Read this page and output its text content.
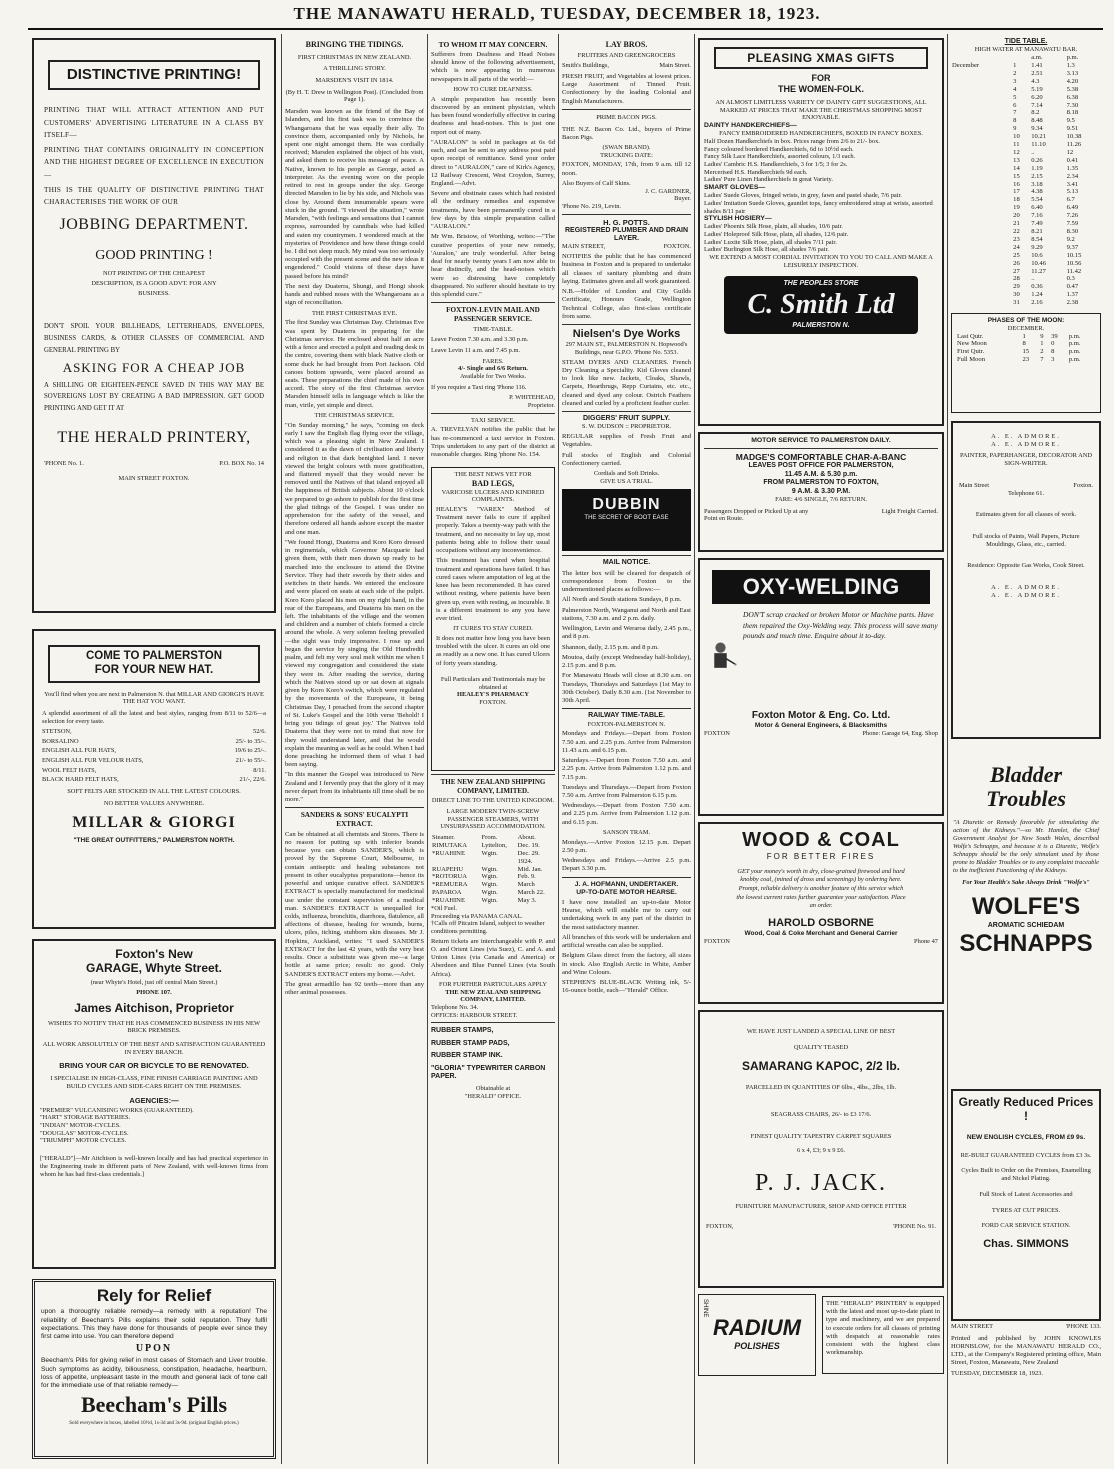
THE MANAWATU HERALD, TUESDAY, DECEMBER 18, 1923.
DISTINCTIVE PRINTING!
PRINTING THAT WILL ATTRACT ATTENTION AND PUT CUSTOMERS' ADVERTISING LITERATURE IN A CLASS BY ITSELF—
PRINTING THAT CONTAINS ORIGINALITY IN CONCEPTION AND THE HIGHEST DEGREE OF EXCELLENCE IN EXECUTION—
THIS IS THE QUALITY OF DISTINCTIVE PRINTING THAT CHARACTERISES THE WORK OF OUR
JOBBING DEPARTMENT.
GOOD PRINTING !
NOT PRINTING OF THE CHEAPEST DESCRIPTION, IS A GOOD ADVT. FOR ANY BUSINESS.
DON'T SPOIL YOUR BILLHEADS, LETTERHEADS, ENVELOPES, BUSINESS CARDS, & OTHER CLASSES OF COMMERCIAL AND GENERAL PRINTING BY
ASKING FOR A CHEAP JOB
A SHILLING OR EIGHTEEN-PENCE SAVED IN THIS WAY MAY BE SOVEREIGNS LOST BY CREATING A BAD IMPRESSION. GET GOOD PRINTING AND GET IT AT
THE HERALD PRINTERY,
'PHONE No. 1.	P.O. BOX No. 14
MAIN STREET FOXTON.
COME TO PALMERSTON
FOR YOUR NEW HAT.
You'll find when you are next in Palmerston N. that MILLAR AND GIORGI'S HAVE THE HAT YOU WANT.
A splendid assortment of all the latest and best styles, ranging from 8/11 to 52/6—a selection for every taste.
STETSON,	52/6.
BORSALINO	25/- to 35/-.
ENGLISH ALL FUR HATS,	19/6 to 25/-.
ENGLISH ALL FUR VELOUR HATS,	21/- to 55/-.
WOOL FELT HATS,	8/11.
BLACK HARD FELT HATS,	21/-, 22/6.
SOFT FELTS ARE STOCKED IN ALL THE LATEST COLOURS.
NO BETTER VALUES ANYWHERE.
MILLAR & GIORGI
"THE GREAT OUTFITTERS," PALMERSTON NORTH.
Foxton's New
GARAGE, Whyte Street.
(near Whyte's Hotel, just off central Main Street.)
PHONE 107.
James Aitchison, Proprietor
WISHES TO NOTIFY THAT HE HAS COMMENCED BUSINESS IN HIS NEW BRICK PREMISES.
ALL WORK ABSOLUTELY OF THE BEST AND SATISFACTION GUARANTEED IN EVERY BRANCH.
BRING YOUR CAR OR BICYCLE TO BE RENOVATED.
I SPECIALISE IN HIGH-CLASS, FINE FINISH CARRIAGE PAINTING AND BUILD CYCLES AND SIDE-CARS RIGHT ON THE PREMISES.
AGENCIES:—
"PREMIER" VULCANISING WORKS (GUARANTEED).
"HART" STORAGE BATTERIES.
"INDIAN" MOTOR-CYCLES.
"DOUGLAS" MOTOR-CYCLES.
"TRIUMPH" MOTOR CYCLES.
["HERALD"]—Mr Aitchison is well-known locally and has had practical experience in the Engineering trade in different parts of New Zealand, with well-known firms from whom he has had first-class credentials.]
Rely for Relief
upon a thoroughly reliable remedy—a remedy with a reputation! The reliability of Beecham's Pills explains their solid reputation. They fulfil expectations. This they have done for thousands of people ever since they first came into use. You can therefore depend
UPON
Beecham's Pills for giving relief in most cases of Stomach and Liver trouble. Such symptoms as acidity, biliousness, constipation, headache, heartburn, loss of appetite, unpleasant taste in the mouth and general lack of tone call for the immediate use of that reliable remedy—
Beecham's Pills
Sold everywhere in boxes, labelled 10½d, 1s-3d and 3s-9d. (original English prices.)
BRINGING THE TIDINGS.
FIRST CHRISTMAS IN NEW ZEALAND.
A THRILLING STORY.
MARSDEN'S VISIT IN 1814.
(By H. T. Drew in Wellington Post). (Concluded from Page 1).
Marsden was known as the friend of the Bay of Islanders, and his first task was to convince the Whangaroans that he was equally their ally. To convince them, accompanied only by Nichols, he spent one night amongst them. He was cordially received; Marsden explained the object of his visit, and asked them to receive his message of peace. A Native, known to his people as George, acted as interpreter. As the evening wore on the people retired to rest in groups under the sky. George directed Marsden to lie by his side, and Nichols was close by. Around them innumerable spears were stuck in the ground. "I viewed the situation," wrote Marsden, "with feelings and sensations that I cannot express, surrounded by cannibals who had killed and eaten my countrymen. I wondered much at the mysteries of Providence and how these things could be. I did not sleep much. My mind was too seriously occupied with the present scene and the new ideas it engendered." Could visions of these days have passed before his mind?
The next day Duaterra, Shungi, and Hongi shook hands and rubbed noses with the Whangaroans as a sign of reconciliation.
THE FIRST CHRISTMAS EVE.
The first Sunday was Christmas Day. Christmas Eve was spent by Duaterra in preparing for the Christmas service. He enclosed about half an acre with a fence and erected a pulpit and reading desk in the centre, covering them with black Native cloth or some duck he had brought from Port Jackson. Old canoes bottom upwards, were placed around as seats. These preparations the chief made of his own accord. The story of the first Christmas service Marsden himself tells in language which is like the man, virile, yet simple and direct.
THE CHRISTMAS SERVICE.
"On Sunday morning," he says, "coming on deck early I saw the English flag flying over the village, which was a pleasing sight in New Zealand. I considered it as the dawn of civilisation and liberty and religion in that dark benighted land. I never viewed the bright colours with more gratification, and flattered myself that they would never be removed until the Natives of that island enjoyed all the happiness of British subjects. About 10 o'clock we prepared to go ashore to publish for the first time the glad tidings of the Gospel. I was under no apprehension for the safety of the vessel, and therefore ordered all hands ashore except the master and one man.
"We found Hongi, Duaterra and Koro Koro dressed in regimentals, which Governor Macquarie had given them, with their men drawn up ready to be marched into the enclosure to attend the Divine Service. They had their swords by their sides and switches in their hands. We entered the enclosure and were placed on seats at each side of the pulpit. Koro Koro placed his men on my right hand, in the rear of the Europeans, and Duaterra his men on the left. The inhabitants of the village and the women and children and a number of chiefs formed a circle around the whole. A very solemn feeling prevailed—the sight was truly impressive. I rose up and began the service by singing the Old Hundredth psalm, and felt my very soul melt within me when I viewed my congregation and considered the state they were in. After reading the service, during which the Natives stood up or sat down at signals given by Koro Koro's switch, which were regulated by the movements of the Europeans, it being Christmas Day, I preached from the second chapter of St. Luke's Gospel and the 10th verse 'Behold! I bring you tidings of great joy.' The Natives told Duaterra that they were not to mind that now for they would understand later, and that he would explain the meaning as well as he could. When I had done preaching he informed them of what I had been saying.
"In this manner the Gospel was introduced to New Zealand and I fervently pray that the glory of it may never depart from its inhabitants till time shall be no more."
SANDERS & SONS' EUCALYPTI EXTRACT.
Can be obtained at all chemists and Stores. There is no reason for putting up with inferior brands because you can obtain SANDER'S, which is proved by the Supreme Court, Melbourne, to contain antiseptic and healing substances not present in other eucalyptus preparations—hence its powerful and unique curative effect. SANDER'S EXTRACT is specially manufactured for medicinal use under the constant supervision of a medical man. SANDER'S EXTRACT is unequalled for colds, influenza, bronchitis, diarrhoea, flatulence, all affections of disease, healing for wounds, burns, ulcers, piles, itching, stubborn skin diseases. Mr J. Hopkins, Auckland, writes: "I used SANDER'S EXTRACT for the last 42 years, with the very best results. Once a substitute was given me—a large bottle at same price; result: no good. Only SANDER'S EXTRACT enters my home.—Advt.
The great armadillo has 92 teeth—more than any other animal possesses.
TO WHOM IT MAY CONCERN.
Sufferers from Deafness and Head Noises should know of the following advertisement, which is now appearing in numerous newspapers in all parts of the world:—
HOW TO CURE DEAFNESS.
A simple preparation has recently been discovered by an eminent physician, which has been found wonderfully effective in curing deafness and head-noises. This is just one report out of many.
"AURALON" is sold in packages at 6s 6d each, and can be sent to any address post paid upon receipt of remittance. Send your order direct to "AURALON," care of Kirk's Agency, 12 Railway Crescent, West Croydon, Surrey, England.—Advt.
Severe and obstinate cases which had resisted all the ordinary remedies and expensive treatments, have been permanently cured in a few days by this simple preparation called "AURALON."
Mr Wm. Bristow, of Worthing, writes:—"The curative properties of your new remedy, 'Auralon,' are truly wonderful. After being deaf for nearly twenty years I am now able to hear distinctly, and the head-noises which were so distressing have completely disappeared. No sufferer should hesitate to try this splendid cure."
FOXTON-LEVIN MAIL AND PASSENGER SERVICE.
TIME-TABLE.
Leave Foxton 7.30 a.m. and 3.30 p.m.
Leave Levin 11 a.m. and 7.45 p.m.
FARES.
4/- Single and 6/6 Return.
Available for Two Weeks.
If you require a Taxi ring 'Phone 116.
P. WHITEHEAD,
Proprietor.
TAXI SERVICE.
A. TREVELYAN notifies the public that he has re-commenced a taxi service in Foxton. Trips undertaken to any part of the district at reasonable charges. Ring 'phone No. 154.
THE BEST NEWS YET FOR
BAD LEGS,
VARICOSE ULCERS AND KINDRED COMPLAINTS.
HEALEY'S "VAREX" Method of Treatment never fails to cure if applied properly. Takes a twenty-way path with the treatment, and no necessity to lay up, most patients being able to follow their usual occupations without any inconvenience.
This treatment has cured when hospital treatment and operations have failed. It has cured cases where amputation of leg at the knee has been recommended. It has cured without resting, where patients have been given up, even with resting, as incurable. It is a different treatment to any you have ever tried.
IT CURES TO STAY CURED.
It does not matter how long you have been troubled with the ulcer. It cures an old one as readily as a new one. It has cured Ulcers of forty years standing.
Full Particulars and Testimonials may be obtained at
HEALEY'S PHARMACY
FOXTON.
THE NEW ZEALAND SHIPPING COMPANY, LIMITED.
DIRECT LINE TO THE UNITED KINGDOM.
LARGE MODERN TWIN-SCREW PASSENGER STEAMERS, WITH UNSURPASSED ACCOMMODATION.
Steamer.	From.	About.
RIMUTAKA	Lyttelton,	Dec. 19.
*RUAHINE	Wgtn.	Dec. 29.
		1924.
RUAPEHU	Wgtn.	Mid. Jan.
*ROTORUA	Wgtn.	Feb. 9.
*REMUERA	Wgtn.	March
PAPAROA	Wgtn.	March 22.
*RUAHINE	Wgtn.	May 3.
*Oil Fuel.
Proceeding via PANAMA CANAL.
†Calls off Pitcairn Island, subject to weather conditions permitting.
Return tickets are interchangeable with P. and O. and Orient Lines (via Suez), C. and A. and Union Lines (via Canada and America) or Aberdeen and Blue Funnel Lines (via South Africa).
FOR FURTHER PARTICULARS APPLY
THE NEW ZEALAND SHIPPING COMPANY, LIMITED.
Telephone No. 34.
OFFICES: HARBOUR STREET.
RUBBER STAMPS,
RUBBER STAMP PADS,
RUBBER STAMP INK.
"GLORIA" TYPEWRITER CARBON PAPER.
Obtainable at
"HERALD" OFFICE.
LAY BROS.
FRUITERS AND GREENGROCERS
Smith's Buildings,	Main Street.
FRESH FRUIT, and Vegetables at lowest prices. Large Assortment of Tinned Fruit. Confectionery by the leading Colonial and English Manufacturers.
PRIME BACON PIGS.
THE N.Z. Bacon Co. Ltd., buyers of Prime Bacon Pigs.
(SWAN BRAND).
TRUCKING DATE:
FOXTON, MONDAY, 17th, from 9 a.m. till 12 noon.
Also Buyers of Calf Skins.
J. C. GARDNER,
Buyer.
'Phone No. 219, Levin.
H. G. POTTS.
REGISTERED PLUMBER AND DRAIN LAYER.
MAIN STREET,	FOXTON.
NOTIFIES the public that he has commenced business in Foxton and is prepared to undertake all classes of sanitary plumbing and drain laying. Estimates given and all work guaranteed.
N.B.—Holder of London and City Guilds Certificate, Honours Grade, Wellington Technical College, also first-class certificate from same.
Nielsen's Dye Works
297 MAIN ST., PALMERSTON N. Hopwood's Buildings, near G.P.O. 'Phone No. 5353.
STEAM DYERS AND CLEANERS. French Dry Cleaning a Speciality. Kid Gloves cleaned to look like new. Jackets, Cloaks, Shawls, Carpets, Hearthrugs, Repp Curtains, etc. etc., cleaned and dyed any colour. Ostrich Feathers cleaned and curled by a proficient feather curler.
DIGGERS' FRUIT SUPPLY.
S. W. DUDSON :: PROPRIETOR.
REGULAR supplies of Fresh Fruit and Vegetables.
Full stocks of English and Colonial Confectionery carried.
Cordials and Soft Drinks.
GIVE US A TRIAL.
DUBBIN
THE SECRET OF BOOT EASE
MAIL NOTICE.
The letter box will be cleared for despatch of correspondence from Foxton to the undermentioned places as follows:—
All North and South stations Sundays, 8 p.m.
Palmerston North, Wanganui and North and East stations, 7.30 a.m. and 2 p.m. daily.
Wellington, Levin and Weraroa daily, 2.45 p.m., and 8 p.m.
Shannon, daily, 2.15 p.m. and 8 p.m.
Moutoa, daily (except Wednesday half-holiday), 2.15 p.m. and 8 p.m.
For Manawatu Heads will close at 8.30 a.m. on Tuesdays, Thursdays and Saturdays (1st May to 30th October). Daily 8.30 a.m. (1st November to 30th April.
RAILWAY TIME-TABLE.
FOXTON-PALMERSTON N.
Mondays and Fridays.—Depart from Foxton 7.50 a.m. and 2.25 p.m. Arrive from Palmerston 11.43 a.m. and 6.15 p.m.
Saturdays.—Depart from Foxton 7.50 a.m. and 2.25 p.m. Arrive from Palmerston 1.12 p.m. and 7.15 p.m.
Tuesdays and Thursdays.—Depart from Foxton 7.50 a.m. Arrive from Palmerston 6.15 p.m.
Wednesdays.—Depart from Foxton 7.50 a.m. and 2.25 p.m. Arrive from Palmerston 1.12 p.m. and 6.15 p.m.
SANSON TRAM.
Mondays.—Arrive Foxton 12.15 p.m. Depart 2.50 p.m.
Wednesdays and Fridays.—Arrive 2.5 p.m. Depart 3.30 p.m.
J. A. HOFMANN, UNDERTAKER.
UP-TO-DATE MOTOR HEARSE.
I have now installed an up-to-date Motor Hearse, which will enable me to carry out undertaking work in any part of the district in the most satisfactory manner.
All branches of this work will be undertaken and artificial wreaths can also be supplied.
Belgium Glass direct from the factory, all sizes in stock. Also English Arctic in White, Amber and Wine Colours.
STEPHEN'S BLUE-BLACK Writing ink, 5/- 16-ounce bottle, each—"Herald" Office.
PLEASING XMAS GIFTS
FOR
THE WOMEN-FOLK.
AN ALMOST LIMITLESS VARIETY OF DAINTY GIFT SUGGESTIONS, ALL MARKED AT PRICES THAT MAKE THE CHRISTMAS SHOPPING MOST ENJOYABLE.
DAINTY HANDKERCHIEFS—
FANCY EMBROIDERED HANDKERCHIEFS, BOXED IN FANCY BOXES.
Half Dozen Handkerchiefs in box. Prices range from 2/6 to 21/- box.
Fancy coloured bordered Handkerchiefs, 6d to 10½d each.
Fancy Silk Lace Handkerchiefs, assorted colours, 1/3 each.
Ladies' Cambric H.S. Handkerchiefs, 3 for 1/5; 3 for 2s.
Mercerised H.S. Handkerchiefs 9d each.
Ladies' Pure Linen Handkerchiefs in great Variety.
SMART GLOVES—
Ladies' Suede Gloves, fringed wrists, in grey, fawn and pastel shade, 7/6 pair.
Ladies' Imitation Suede Gloves, gauntlet tops, fancy embroidered strap at wrists, assorted shades 8/11 pair
STYLISH HOSIERY—
Ladies' Phoenix Silk Hose, plain, all shades, 10/6 pair.
Ladies' Holeproof Silk Hose, plain, all shades, 12/6 pair.
Ladies' Luxite Silk Hose, plain, all shades 7/11 pair.
Ladies' Burlington Silk Hose, all shades 7/6 pair.
WE EXTEND A MOST CORDIAL INVITATION TO YOU TO CALL AND MAKE A LEISURELY INSPECTION.
THE PEOPLES STORE
C. Smith Ltd
PALMERSTON N.
MOTOR SERVICE TO PALMERSTON DAILY.
MADGE'S COMFORTABLE CHAR-A-BANC
LEAVES POST OFFICE FOR PALMERSTON,
11.45 A.M. & 5.30 p.m.
FROM PALMERSTON TO FOXTON,
9 A.M. & 3.30 P.M.
FARE: 4/6 SINGLE, 7/6 RETURN.
Passengers Dropped or Picked Up at any Point en Route.
Light Freight Carried.
OXY-WELDING
DON'T scrap cracked or broken Motor or Machine parts. Have them repaired the Oxy-Welding way. This process will save many pounds and much time. Enquire about it to-day.
Foxton Motor & Eng. Co. Ltd.
Motor & General Engineers, & Blacksmiths
FOXTON	Phone: Garage 64, Eng. Shop
WOOD & COAL
FOR BETTER FIRES
GET your money's worth in dry, close-grained firewood and hard knobby coal, (mined of dross and screenings) by ordering here. Prompt, reliable delivery is another feature of this service which the lowest current rates further guarantee your satisfaction. Place an order.
HAROLD OSBORNE
Wood, Coal & Coke Merchant and General Carrier
FOXTON	Phone 47
WE HAVE JUST LANDED A SPECIAL LINE OF BEST
QUALITY TEASED
SAMARANG KAPOC, 2/2 lb.
PARCELLED IN QUANTITIES OF 6lbs., 4lbs., 2lbs, 1lb.
SEAGRASS CHAIRS, 26/- to £3 17/6.
FINEST QUALITY TAPESTRY CARPET SQUARES
6 x 4, £3; 9 x 9 £6.
P. J. JACK.
FURNITURE MANUFACTURER, SHOP AND OFFICE FITTER
FOXTON,	'PHONE No. 91.
SHINE
RADIUM
POLISHES
THE "HERALD" PRINTERY is equipped with the latest and most up-to-date plant in type and machinery, and we are prepared to execute orders for all classes of printing with despatch at reasonable rates consistent with the highest class workmanship.
TIDE TABLE.
HIGH WATER AT MANAWATU BAR.
		a.m.	p.m.
December	1	1.41	1.3
	2	2.51	3.13
	3	4.3	4.20
	4	5.19	5.38
	5	6.20	6.38
	6	7.14	7.30
	7	8.2	8.18
	8	8.48	9.5
	9	9.34	9.51
	10	10.21	10.38
	11	11.10	11.26
	12	..	12
	13	0.26	0.41
	14	1.19	1.35
	15	2.15	2.34
	16	3.18	3.41
	17	4.38	5.13
	18	5.54	6.7
	19	6.40	6.49
	20	7.16	7.26
	21	7.49	7.59
	22	8.21	8.30
	23	8.54	9.2
	24	9.29	9.37
	25	10.6	10.15
	26	10.46	10.56
	27	11.27	11.42
	28	..	0.3
	29	0.36	0.47
	30	1.24	1.37
	31	2.16	2.38
PHASES OF THE MOON:
DECEMBER.
Last Qutr.	1	9	39	p.m.
New Moon	8	1	0	p.m.
First Qutr.	15	2	8	p.m.
Full Moon	23	7	3	p.m.
A. E. ADMORE.
A. E. ADMORE.
PAINTER, PAPERHANGER, DECORATOR AND SIGN-WRITER.
Main Street	Foxton.
Telephone 61.
Estimates given for all classes of work.
Full stocks of Paints, Wall Papers, Picture Mouldings, Glass, etc., carried.
Residence: Opposite Gas Works, Cook Street.
A. E. ADMORE.
A. E. ADMORE.
Bladder Troubles
"A Diuretic or Remedy favorable for stimulating the action of the Kidneys."—so Mr. Hamlet, the Chief Government Analyst for New South Wales, described Wolfe's Schnapps, and because it is a Diuretic, Wolfe's Schnapps should be the only stimulant used by those prone to Bladder Troubles or to any complaint traceable to the inefficient Functioning of the Kidneys.
For Your Health's Sake Always Drink "Wolfe's"
WOLFE'S
AROMATIC SCHIEDAM
SCHNAPPS
Greatly Reduced Prices !
NEW ENGLISH CYCLES, FROM £9 9s.
RE-BUILT GUARANTEED CYCLES from £3 3s.
Cycles Built to Order on the Premises, Enamelling and Nickel Plating.
Full Stock of Latest Accessories and
TYRES AT CUT PRICES.
FORD CAR SERVICE STATION.
Chas. SIMMONS
MAIN STREET	'PHONE 133.
Printed and published by JOHN KNOWLES HORNBLOW, for the MANAWATU HERALD CO., LTD., at the Company's Registered printing office, Main Street, Foxton, Manawatu, New Zealand
TUESDAY, DECEMBER 18, 1923.
